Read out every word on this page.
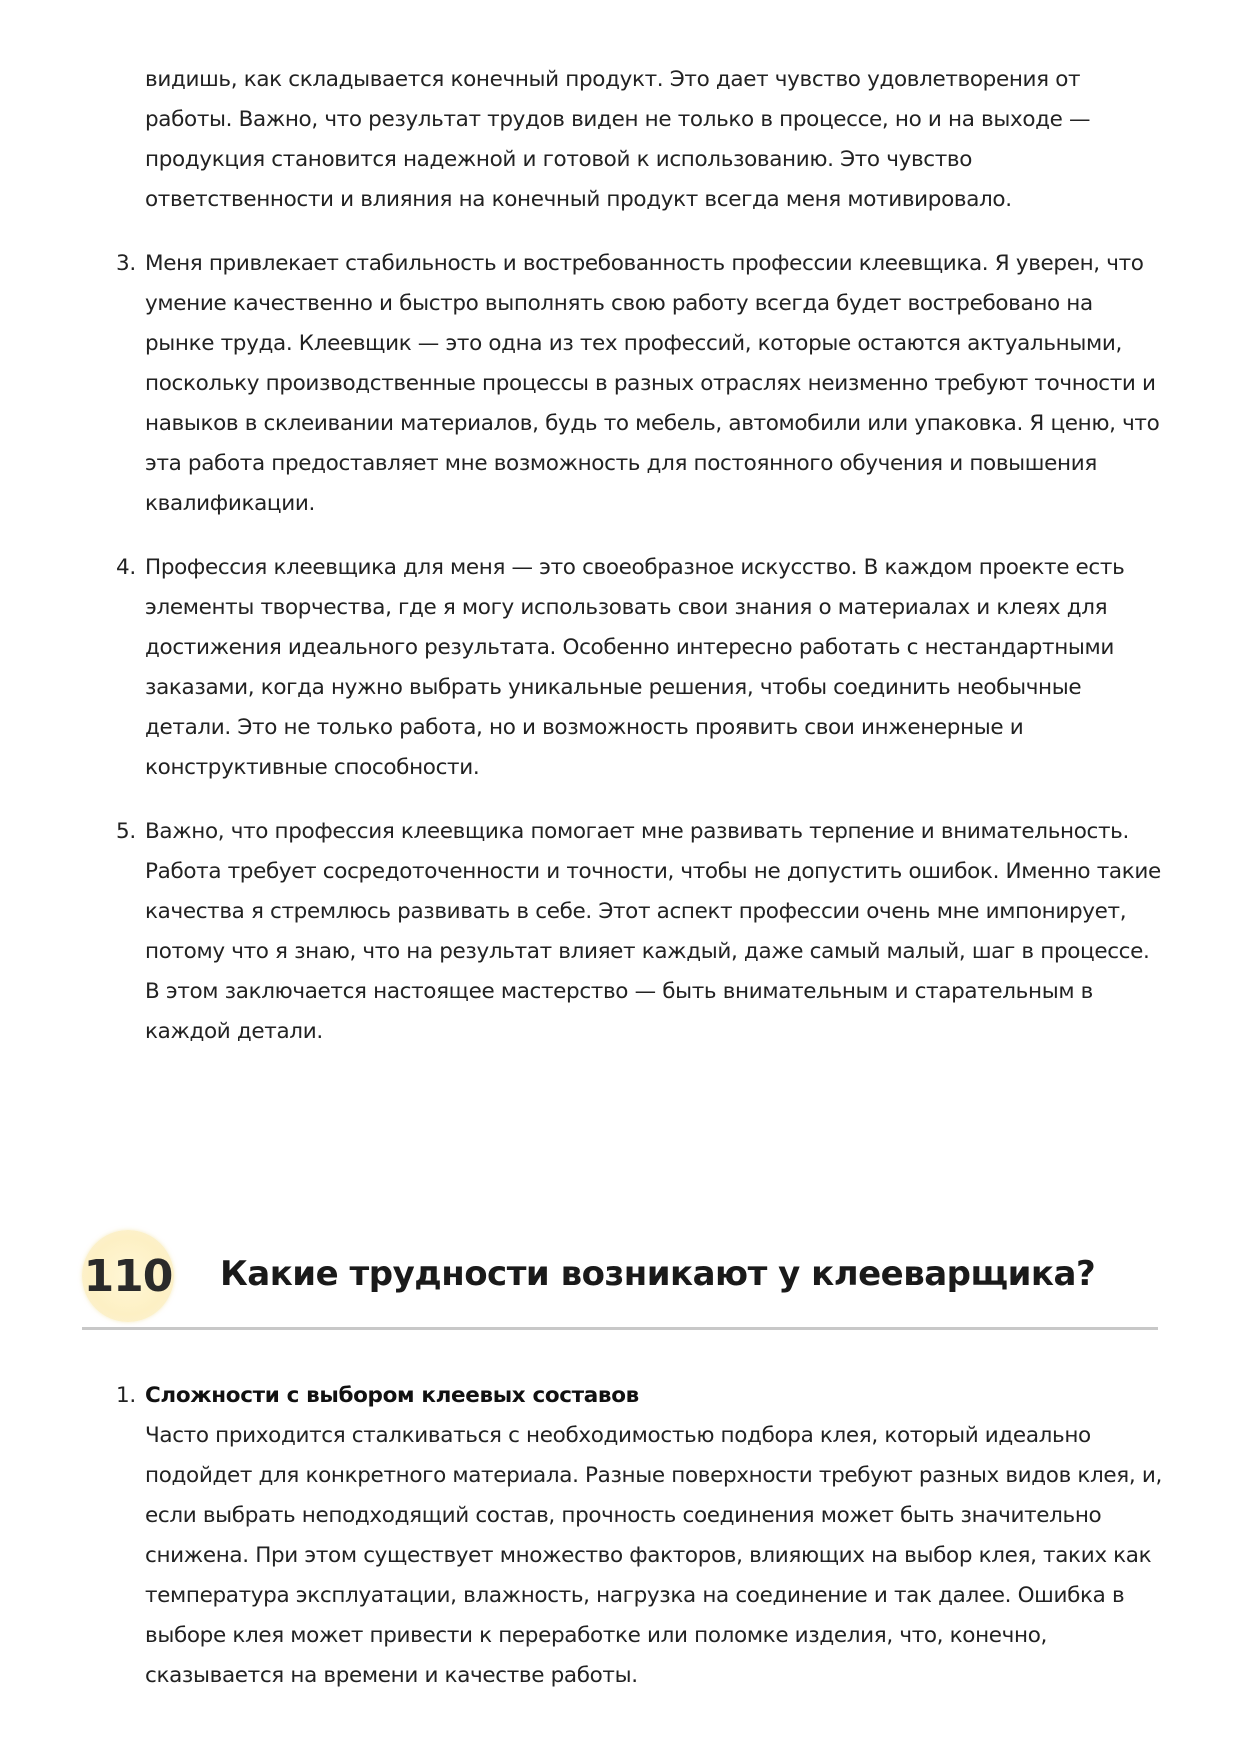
видишь, как складывается конечный продукт. Это дает чувство удовлетворения от работы. Важно, что результат трудов виден не только в процессе, но и на выходе — продукция становится надежной и готовой к использованию. Это чувство ответственности и влияния на конечный продукт всегда меня мотивировало.
3. Меня привлекает стабильность и востребованность профессии клеевщика. Я уверен, что умение качественно и быстро выполнять свою работу всегда будет востребовано на рынке труда. Клеевщик — это одна из тех профессий, которые остаются актуальными, поскольку производственные процессы в разных отраслях неизменно требуют точности и навыков в склеивании материалов, будь то мебель, автомобили или упаковка. Я ценю, что эта работа предоставляет мне возможность для постоянного обучения и повышения квалификации.
4. Профессия клеевщика для меня — это своеобразное искусство. В каждом проекте есть элементы творчества, где я могу использовать свои знания о материалах и клеях для достижения идеального результата. Особенно интересно работать с нестандартными заказами, когда нужно выбрать уникальные решения, чтобы соединить необычные детали. Это не только работа, но и возможность проявить свои инженерные и конструктивные способности.
5. Важно, что профессия клеевщика помогает мне развивать терпение и внимательность. Работа требует сосредоточенности и точности, чтобы не допустить ошибок. Именно такие качества я стремлюсь развивать в себе. Этот аспект профессии очень мне импонирует, потому что я знаю, что на результат влияет каждый, даже самый малый, шаг в процессе. В этом заключается настоящее мастерство — быть внимательным и старательным в каждой детали.
110 Какие трудности возникают у клееварщика?
1. Сложности с выбором клеевых составов
Часто приходится сталкиваться с необходимостью подбора клея, который идеально подойдет для конкретного материала. Разные поверхности требуют разных видов клея, и, если выбрать неподходящий состав, прочность соединения может быть значительно снижена. При этом существует множество факторов, влияющих на выбор клея, таких как температура эксплуатации, влажность, нагрузка на соединение и так далее. Ошибка в выборе клея может привести к переработке или поломке изделия, что, конечно, сказывается на времени и качестве работы.
